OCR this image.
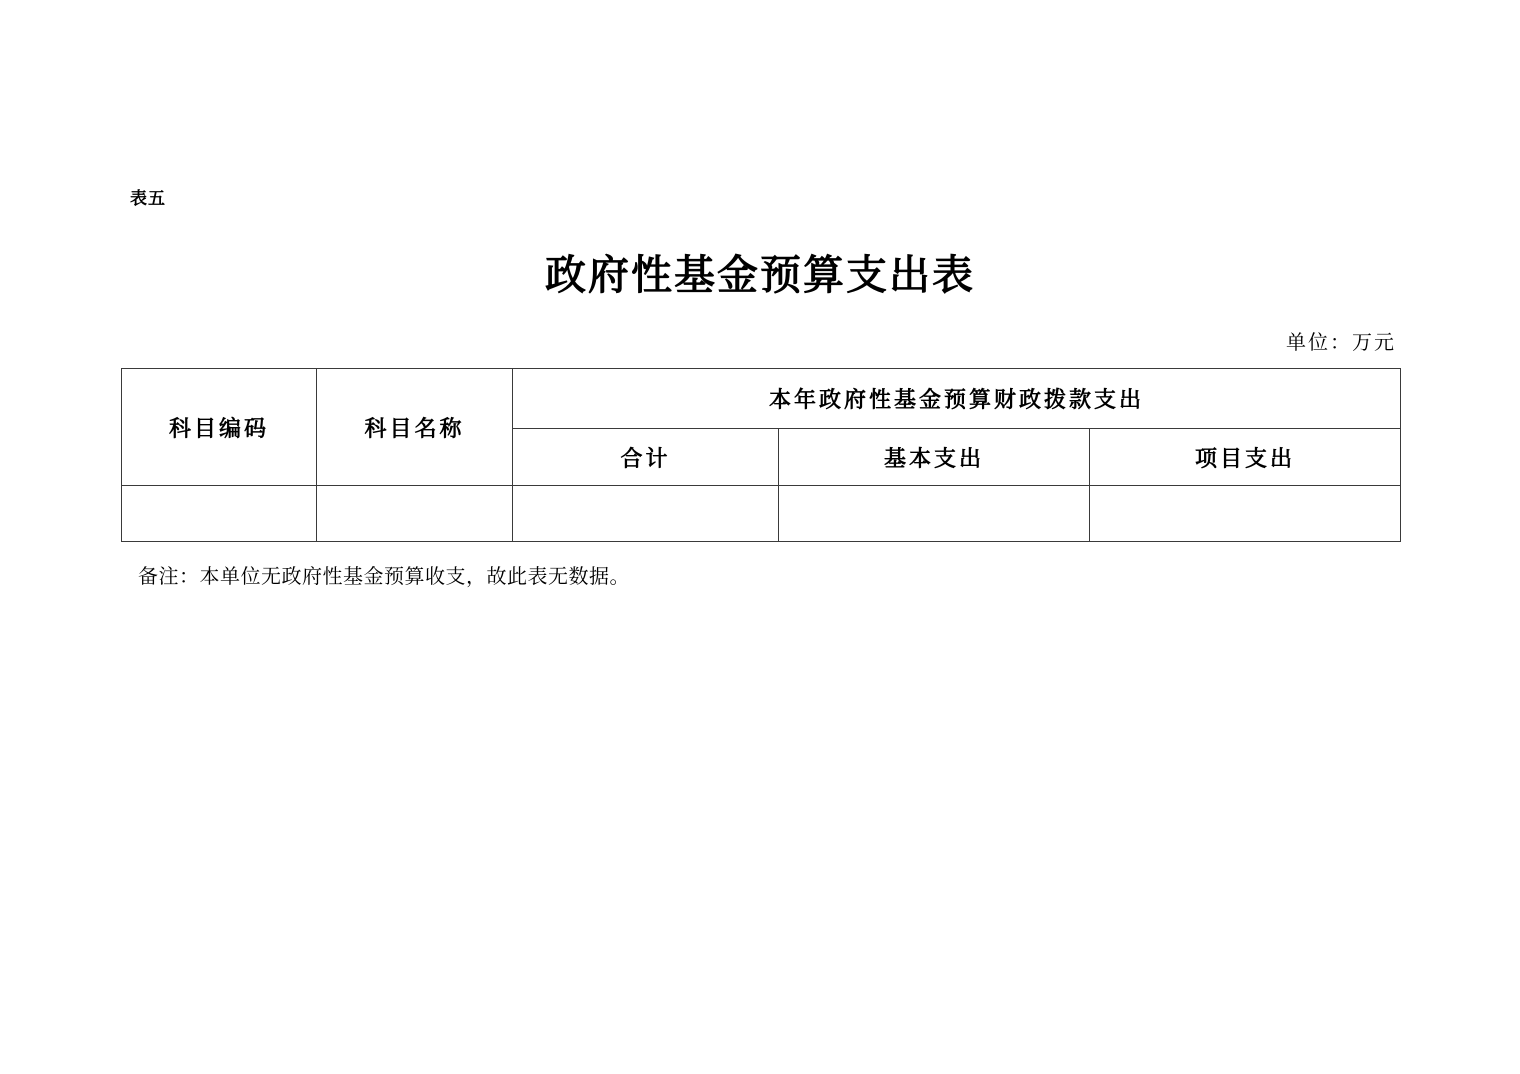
表五
政府性基金预算支出表
单位：万元
科目编码	科目名称	本年政府性基金预算财政拨款支出		
		合计	基本支出	项目支出

备注：本单位无政府性基金预算收支，故此表无数据。
